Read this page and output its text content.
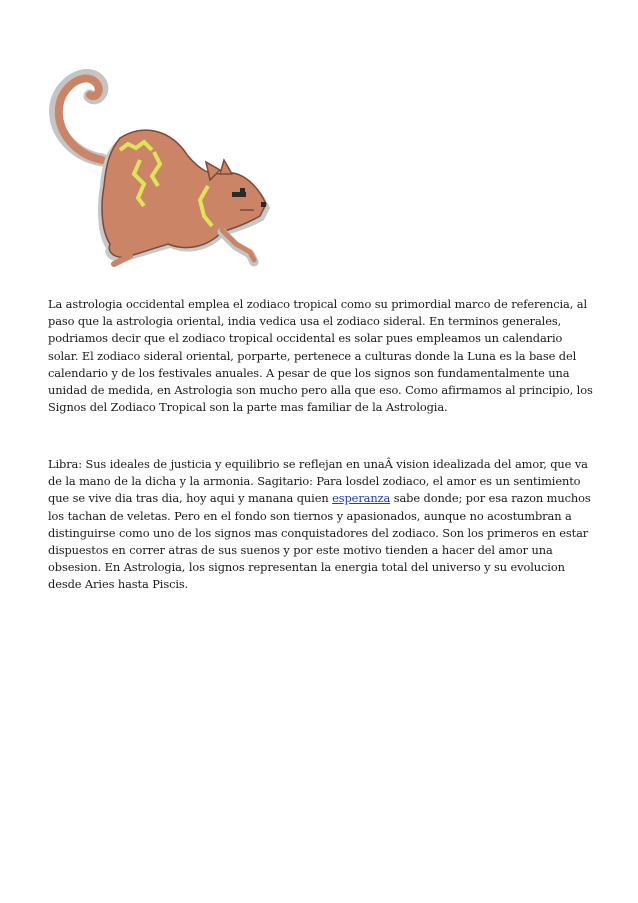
La astrologia occidental emplea el zodiaco tropical como su primordial marco de referencia, al paso que la astrologia oriental, india vedica usa el zodiaco sideral. En terminos generales, podriamos decir que el zodiaco tropical occidental es solar pues empleamos un calendario solar. El zodiaco sideral oriental, porparte, pertenece a culturas donde la Luna es la base del calendario y de los festivales anuales. A pesar de que los signos son fundamentalmente una unidad de medida, en Astrologia son mucho pero alla que eso. Como afirmamos al principio, los Signos del Zodiaco Tropical son la parte mas familiar de la Astrologia.

Libra: Sus ideales de justicia y equilibrio se reflejan en unaÂ vision idealizada del amor, que va de la mano de la dicha y la armonia. Sagitario: Para losdel zodiaco, el amor es un sentimiento que se vive dia tras dia, hoy aqui y manana quien esperanza sabe donde; por esa razon muchos los tachan de veletas. Pero en el fondo son tiernos y apasionados, aunque no acostumbran a distinguirse como uno de los signos mas conquistadores del zodiaco. Son los primeros en estar dispuestos en correr atras de sus suenos y por este motivo tienden a hacer del amor una obsesion. En Astrologia, los signos representan la energia total del universo y su evolucion desde Aries hasta Piscis.
